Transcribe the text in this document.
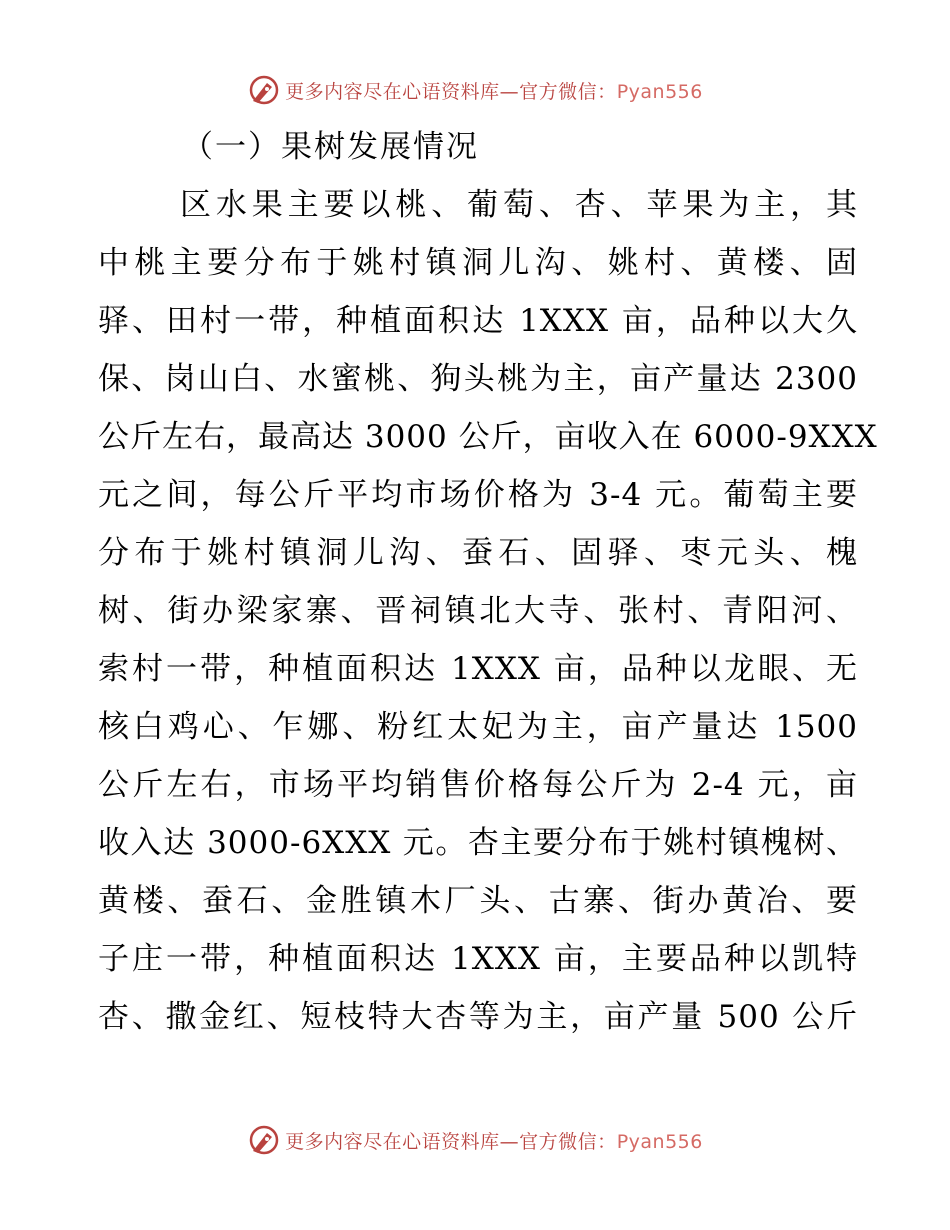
更多内容尽在心语资料库—官方微信：Pyan556
（一）果树发展情况
区水果主要以桃、葡萄、杏、苹果为主，其
中桃主要分布于姚村镇洞儿沟、姚村、黄楼、固
驿、田村一带，种植面积达 1XXX 亩，品种以大久
保、岗山白、水蜜桃、狗头桃为主，亩产量达 2300
公斤左右，最高达 3000 公斤，亩收入在 6000-9XXX
元之间，每公斤平均市场价格为 3-4 元。葡萄主要
分布于姚村镇洞儿沟、蚕石、固驿、枣元头、槐
树、街办梁家寨、晋祠镇北大寺、张村、青阳河、
索村一带，种植面积达 1XXX 亩，品种以龙眼、无
核白鸡心、乍娜、粉红太妃为主，亩产量达 1500
公斤左右，市场平均销售价格每公斤为 2-4 元，亩
收入达 3000-6XXX 元。杏主要分布于姚村镇槐树、
黄楼、蚕石、金胜镇木厂头、古寨、街办黄冶、要
子庄一带，种植面积达 1XXX 亩，主要品种以凯特
杏、撒金红、短枝特大杏等为主，亩产量 500 公斤
更多内容尽在心语资料库—官方微信：Pyan556
